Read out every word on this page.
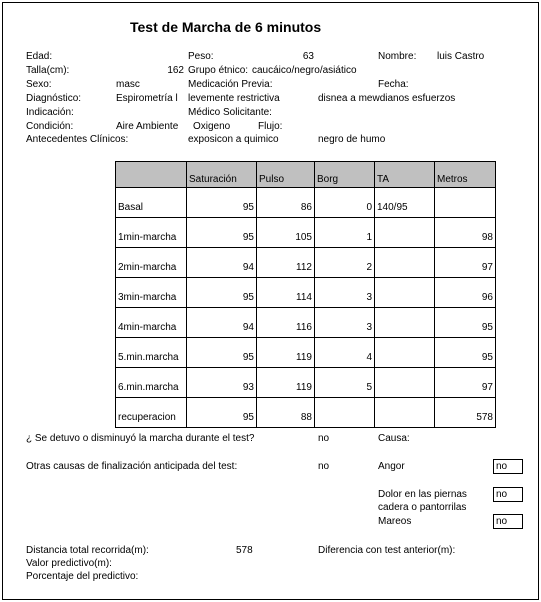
Test de Marcha de 6 minutos
Edad:	Peso:	63	Nombre: luis Castro
Talla(cm):	162 Grupo étnico: caucáico/negro/asiático
Sexo:	masc	Medicación Previa:	Fecha:
Diagnóstico:	Espirometría l levemente restrictiva	disnea a mewdianos esfuerzos
Indicación:	Médico Solicitante:
Condición:	Aire Ambiente Oxigeno	Flujo:
Antecedentes Clínicos:	exposicon a quimico	negro de humo
	Saturación	Pulso	Borg	TA	Metros
Basal	95	86	0	140/95	
1min-marcha	95	105	1		98
2min-marcha	94	112	2		97
3min-marcha	95	114	3		96
4min-marcha	94	116	3		95
5.min.marcha	95	119	4		95
6.min.marcha	93	119	5		97
recuperacion	95	88			578
¿ Se detuvo o disminuyó la marcha durante el test?	no	Causa:
Otras causas de finalización anticipada del test:	no	Angor	no
Dolor en las piernas	no
cadera o pantorrilas
Mareos	no
Distancia total recorrida(m):	578	Diferencia con test anterior(m):
Valor predictivo(m):
Porcentaje del predictivo:
